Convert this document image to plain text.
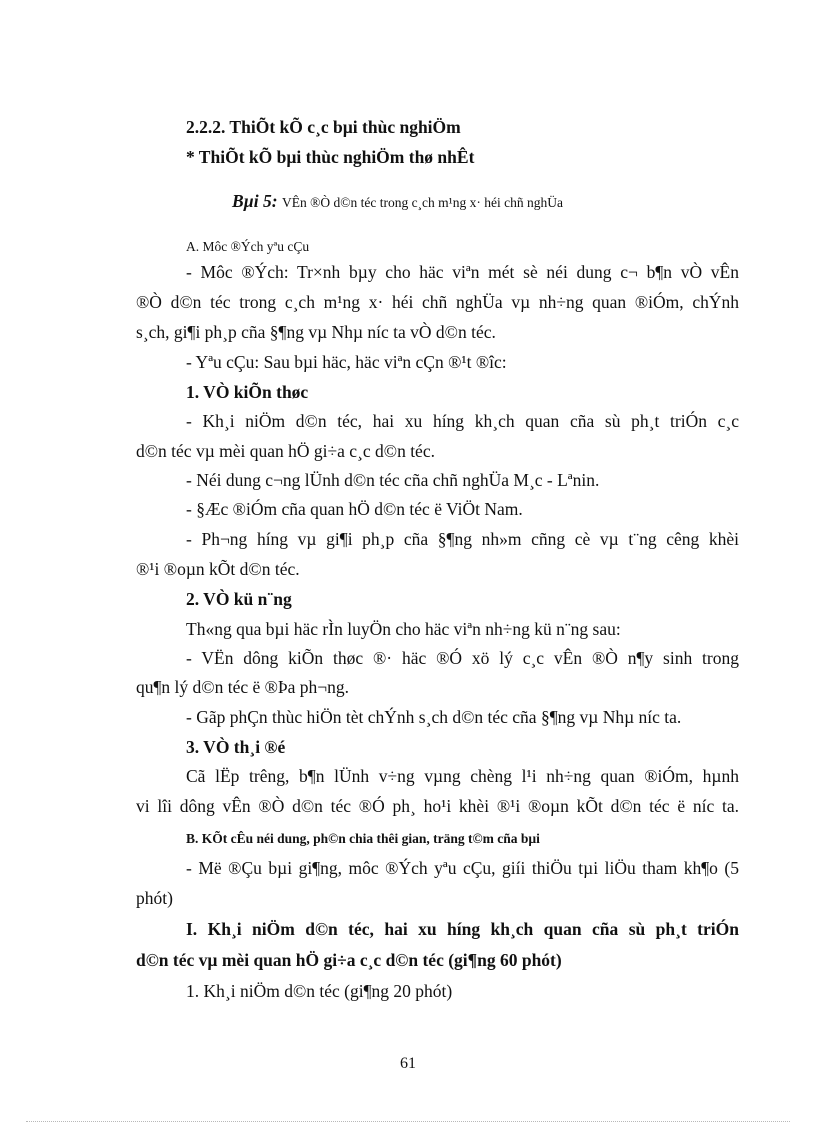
2.2.2. ThiÕt kÕ c¸c bµi thùc nghiÖm
* ThiÕt kÕ bµi thùc nghiÖm thø nhÊt
Bµi 5: VÊn ®Ò d©n téc trong c¸ch m¹ng x· héi chñ nghÜa
A. Môc ®Ých yªu cÇu
- Môc ®Ých: Tr×nh bµy cho häc viªn mét sè néi dung c¬ b¶n vÒ vÊn
®Ò d©n téc trong c¸ch m¹ng x· héi chñ nghÜa vµ nh÷ng quan ®iÓm, chÝnh
s¸ch, gi¶i ph¸p cña §¶ng vµ Nhµ níc ta vÒ d©n téc.
- Yªu cÇu: Sau bµi häc, häc viªn cÇn ®¹t ®îc:
1. VÒ kiÕn thøc
- Kh¸i niÖm d©n téc, hai xu híng kh¸ch quan cña sù ph¸t triÓn c¸c
d©n téc vµ mèi quan hÖ gi÷a c¸c d©n téc.
- Néi dung c¬ng lÜnh d©n téc cña chñ nghÜa M¸c - Lªnin.
- §Æc ®iÓm cña quan hÖ d©n téc ë ViÖt Nam.
- Ph¬ng híng vµ gi¶i ph¸p cña §¶ng nh»m cñng cè vµ t¨ng cêng khèi
®¹i ®oµn kÕt d©n téc.
2. VÒ kü n¨ng
Th«ng qua bµi häc rÌn luyÖn cho häc viªn nh÷ng kü n¨ng sau:
- VËn dông kiÕn thøc ®· häc ®Ó xö lý c¸c vÊn ®Ò n¶y sinh trong
qu¶n lý d©n téc ë ®Þa ph¬ng.
- Gãp phÇn thùc hiÖn tèt chÝnh s¸ch d©n téc cña §¶ng vµ Nhµ níc ta.
3. VÒ th¸i ®é
Cã lËp trêng, b¶n lÜnh v÷ng vµng chèng l¹i nh÷ng quan ®iÓm, hµnh
vi lîi dông vÊn ®Ò d©n téc ®Ó ph¸ ho¹i khèi ®¹i ®oµn kÕt d©n téc ë níc ta.
B. KÕt cÊu néi dung, ph©n chia thêi gian, träng t©m cña bµi
- Më ®Çu bµi gi¶ng, môc ®Ých yªu cÇu, giíi thiÖu tµi liÖu tham kh¶o (5
phót)
I. Kh¸i niÖm d©n téc, hai xu híng kh¸ch quan cña sù ph¸t triÓn
d©n téc vµ mèi quan hÖ gi÷a c¸c d©n téc (gi¶ng 60 phót)
1. Kh¸i niÖm d©n téc (gi¶ng 20 phót)
61
